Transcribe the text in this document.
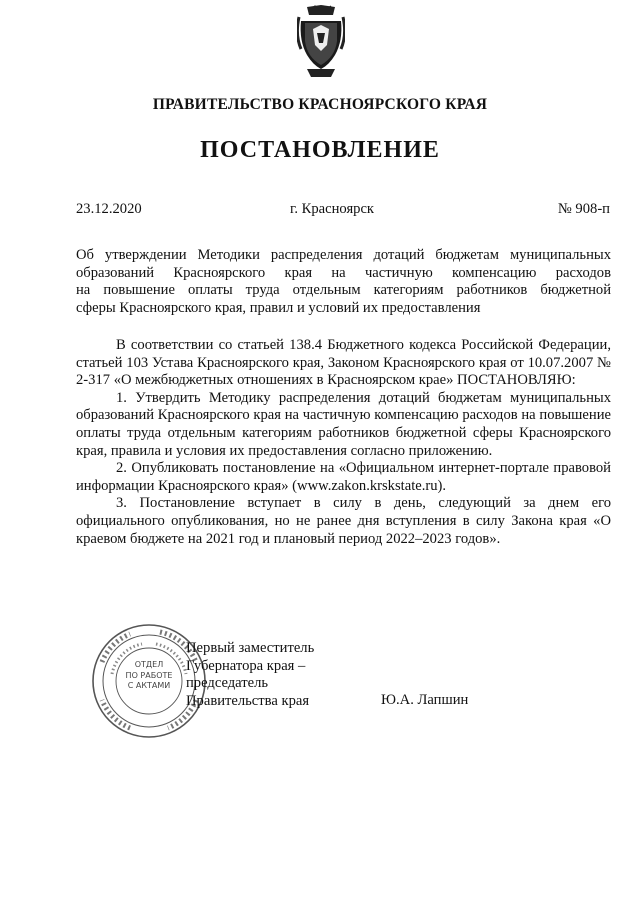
ПРАВИТЕЛЬСТВО КРАСНОЯРСКОГО КРАЯ
ПОСТАНОВЛЕНИЕ
23.12.2020	г. Красноярск	№ 908-п
Об утверждении Методики распределения дотаций бюджетам муниципальных
образований Красноярского края на частичную компенсацию расходов
на повышение оплаты труда отдельным категориям работников бюджетной
сферы Красноярского края, правил и условий их предоставления

В соответствии со статьей 138.4 Бюджетного кодекса Российской Федерации, статьей 103 Устава Красноярского края, Законом Красноярского края от 10.07.2007 № 2-317 «О межбюджетных отношениях в Красноярском крае» ПОСТАНОВЛЯЮ:

1. Утвердить Методику распределения дотаций бюджетам муниципальных образований Красноярского края на частичную компенсацию расходов на повышение оплаты труда отдельным категориям работников бюджетной сферы Красноярского края, правила и условия их предоставления согласно приложению.

2. Опубликовать постановление на «Официальном интернет-портале правовой информации Красноярского края» (www.zakon.krskstate.ru).

3. Постановление вступает в силу в день, следующий за днем его официального опубликования, но не ранее дня вступления в силу Закона края «О краевом бюджете на 2021 год и плановый период 2022–2023 годов».

ОТДЕЛ
ПО РАБОТЕ
С АКТАМИ
Первый заместитель
Губернатора края –
председатель
Правительства края	Ю.А. Лапшин
